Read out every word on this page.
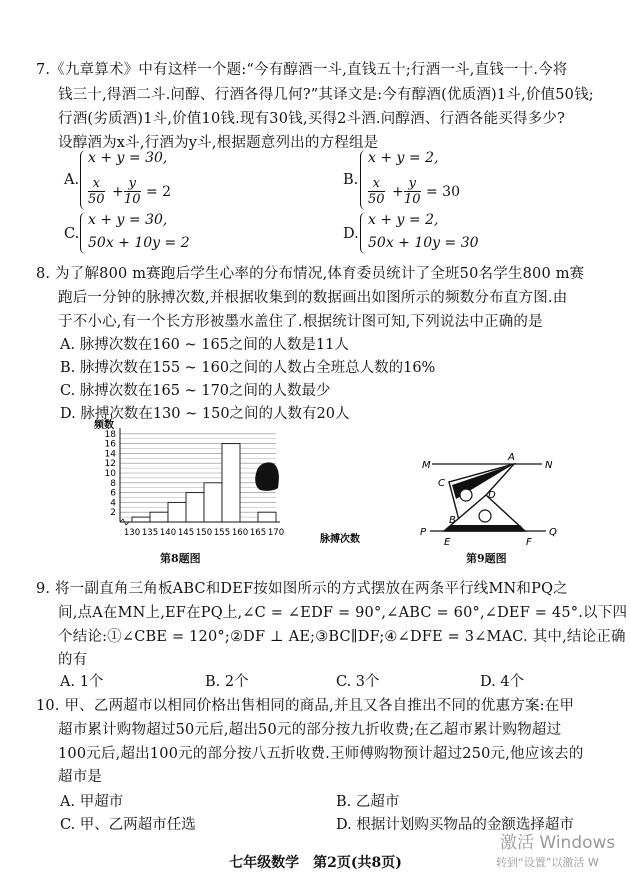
7.《九章算术》中有这样一个题:“今有醇酒一斗,直钱五十;行酒一斗,直钱一十.今将
钱三十,得酒二斗.问醇、行酒各得几何?”其译文是:今有醇酒(优质酒)1斗,价值50钱;
行酒(劣质酒)1斗,价值10钱.现有30钱,买得2斗酒.问醇酒、行酒各能买得多少?
设醇酒为x斗,行酒为y斗,根据题意列出的方程组是
A.
x + y = 30,
$\frac{x}{50} + \frac{y}{10} = 2$
B.
x + y = 2,
$\frac{x}{50} + \frac{y}{10} = 30$
C.
x + y = 30,
50x + 10y = 2
D.
x + y = 2,
50x + 10y = 30
8. 为了解800 m赛跑后学生心率的分布情况,体育委员统计了全班50名学生800 m赛
跑后一分钟的脉搏次数,并根据收集到的数据画出如图所示的频数分布直方图.由
于不小心,有一个长方形被墨水盖住了.根据统计图可知,下列说法中正确的是
A. 脉搏次数在160 ~ 165之间的人数是11人
B. 脉搏次数在155 ~ 160之间的人数占全班总人数的16%
C. 脉搏次数在165 ~ 170之间的人数最少
D. 脉搏次数在130 ~ 150之间的人数有20人
2
4
6
8
10
12
14
16
18
130 135 140 145 150 155 160 165 170
频数
脉搏次数
第8题图
M
A
N
C
D
B
P
E	F
Q
第9题图
9. 将一副直角三角板ABC和DEF按如图所示的方式摆放在两条平行线MN和PQ之
间,点A在MN上,EF在PQ上,∠C = ∠EDF = 90°,∠ABC = 60°,∠DEF = 45°.以下四
个结论:①∠CBE = 120°;②DF ⊥ AE;③BC∥DF;④∠DFE = 3∠MAC. 其中,结论正确
的有
A. 1个	B. 2个	C. 3个	D. 4个
10. 甲、乙两超市以相同价格出售相同的商品,并且又各自推出不同的优惠方案:在甲
超市累计购物超过50元后,超出50元的部分按九折收费;在乙超市累计购物超过
100元后,超出100元的部分按八五折收费.王师傅购物预计超过250元,他应该去的
超市是
A. 甲超市	B. 乙超市
C. 甲、乙两超市任选	D. 根据计划购买物品的金额选择超市
激活 Windows
转到“设置”以激活 W
七年级数学　第2页(共8页)
